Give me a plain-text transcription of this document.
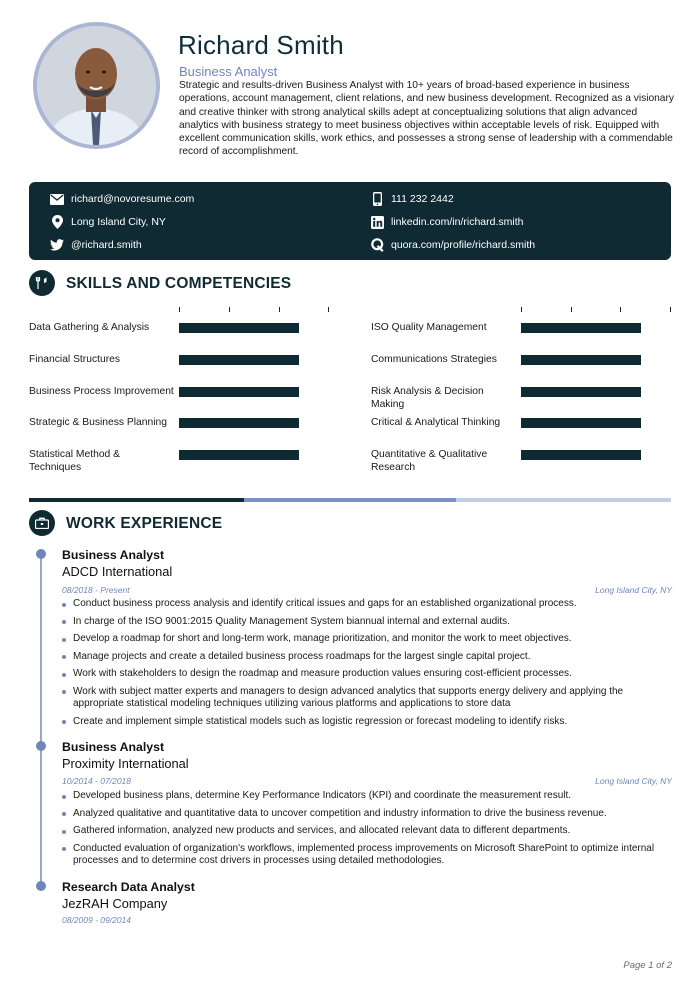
Richard Smith
Business Analyst
Strategic and results-driven Business Analyst with 10+ years of broad-based experience in business operations, account management, client relations, and new business development. Recognized as a visionary and creative thinker with strong analytical skills adept at conceptualizing solutions that align advanced analytics with business strategy to meet business objectives within acceptable levels of risk. Equipped with excellent communication skills, work ethics, and possesses a strong sense of leadership with a commendable record of accomplishment.
richard@novoresume.com
Long Island City, NY
@richard.smith
111 232 2442
linkedin.com/in/richard.smith
quora.com/profile/richard.smith
SKILLS AND COMPETENCIES
Data Gathering & Analysis
Financial Structures
Business Process Improvement
Strategic & Business Planning
Statistical Method & Techniques
ISO Quality Management
Communications Strategies
Risk Analysis & Decision Making
Critical & Analytical Thinking
Quantitative & Qualitative Research
WORK EXPERIENCE
Business Analyst
ADCD International
08/2018 - Present	Long Island City, NY
Conduct business process analysis and identify critical issues and gaps for an established organizational process.
In charge of the ISO 9001:2015 Quality Management System biannual internal and external audits.
Develop a roadmap for short and long-term work, manage prioritization, and monitor the work to meet objectives.
Manage projects and create a detailed business process roadmaps for the largest single capital project.
Work with stakeholders to design the roadmap and measure production values ensuring cost-efficient processes.
Work with subject matter experts and managers to design advanced analytics that supports energy delivery and applying the appropriate statistical modeling techniques utilizing various platforms and applications to store data
Create and implement simple statistical models such as logistic regression or forecast modeling to identify risks.
Business Analyst
Proximity International
10/2014 - 07/2018	Long Island City, NY
Developed business plans, determine Key Performance Indicators (KPI) and coordinate the measurement result.
Analyzed qualitative and quantitative data to uncover competition and industry information to drive the business revenue.
Gathered information, analyzed new products and services, and allocated relevant data to different departments.
Conducted evaluation of organization's workflows, implemented process improvements on Microsoft SharePoint to optimize internal processes and to determine cost drivers in processes using detailed methodologies.
Research Data Analyst
JezRAH Company
08/2009 - 09/2014
Page 1 of 2
